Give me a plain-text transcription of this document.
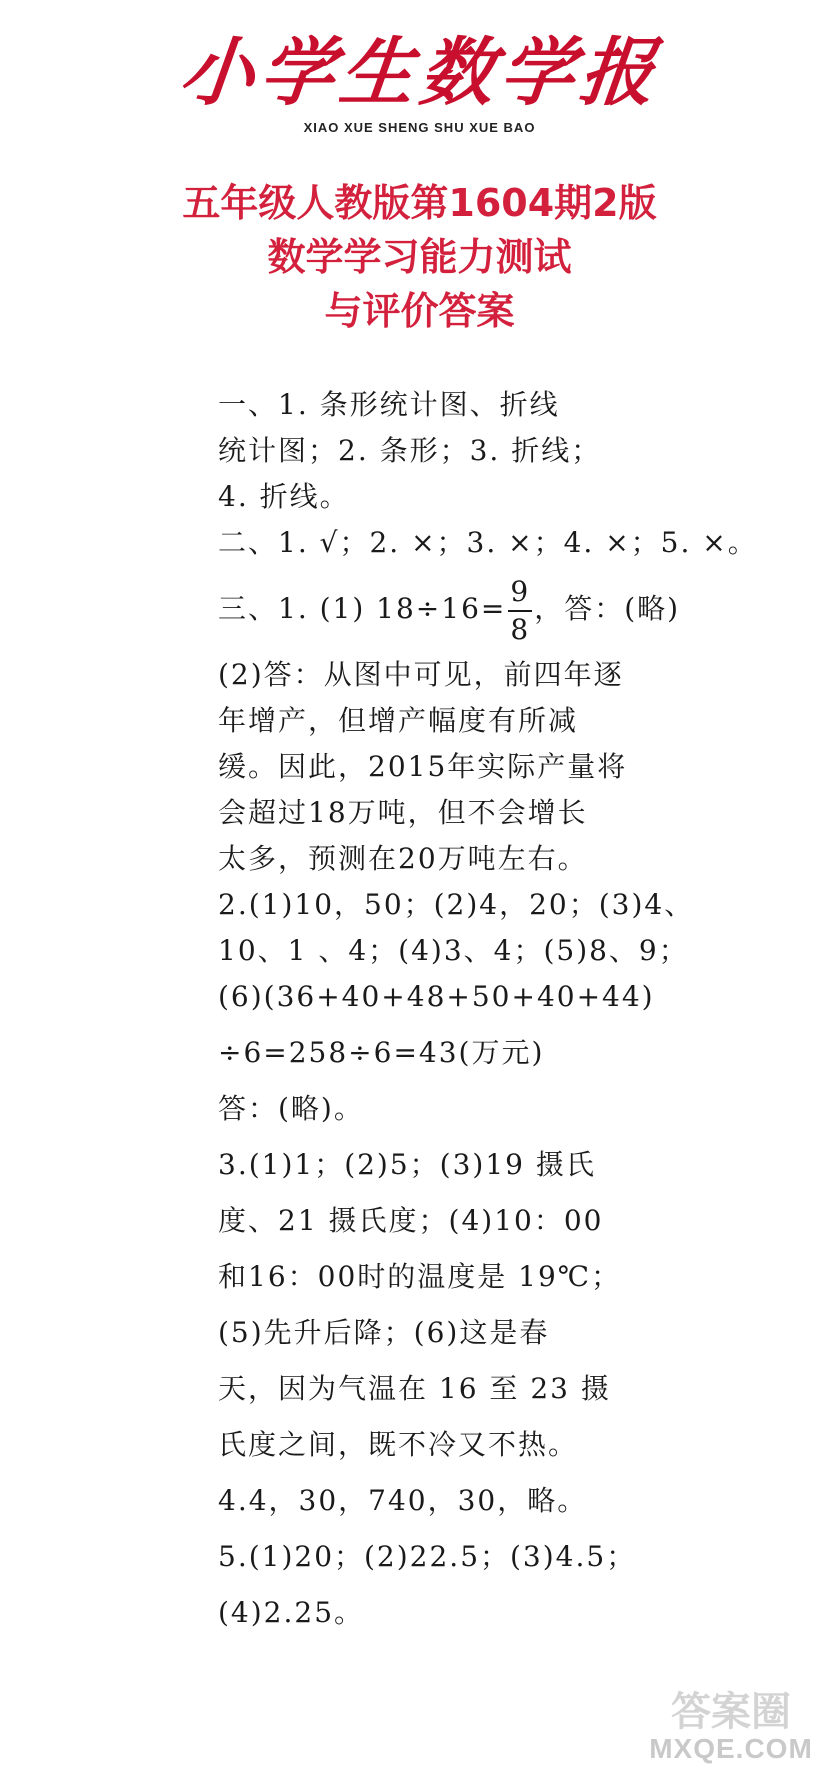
小学生数学报
XIAO XUE SHENG SHU XUE BAO
五年级人教版第1604期2版
数学学习能力测试
与评价答案
一、1. 条形统计图、折线
统计图；2. 条形；3. 折线；
4. 折线。
二、1. √；2. ×；3. ×；4. ×；5. ×。
三、1. (1) $18\div 16= \frac{9}{8}$ ，答：(略)
(2)答：从图中可见，前四年逐
年增产，但增产幅度有所减
缓。因此，2015年实际产量将
会超过18万吨，但不会增长
太多，预测在20万吨左右。
2.(1)10，50；(2)4，20；(3)4、
10、1 、4；(4)3、4；(5)8、9；
(6)(36+40+48+50+40+44)
÷6=258÷6=43(万元)
答：(略)。
3.(1)1；(2)5；(3)19 摄氏
度、21 摄氏度；(4)10：00
和16：00时的温度是 19℃；
(5)先升后降；(6)这是春
天，因为气温在 16 至 23 摄
氏度之间，既不冷又不热。
4.4，30，740，30，略。
5.(1)20；(2)22.5；(3)4.5；
(4)2.25。
答案圈
MXQE.COM
